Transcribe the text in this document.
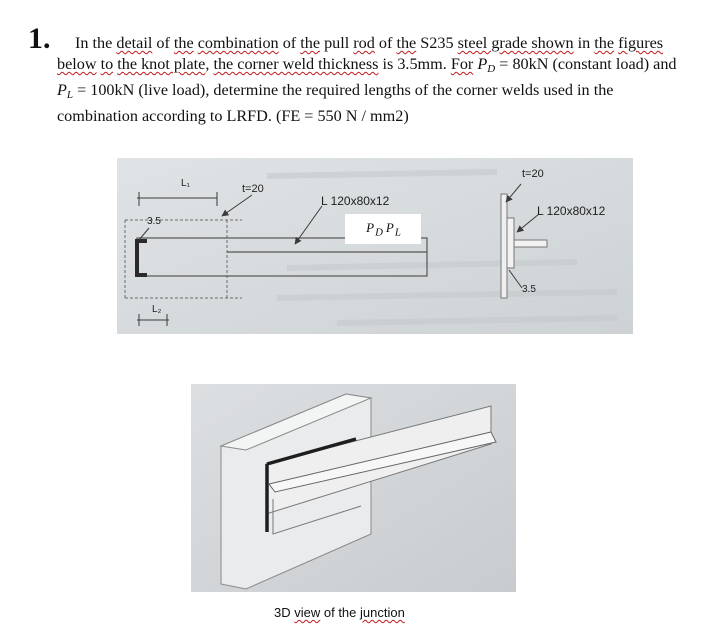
1.	In the detail of the combination of the pull rod of the S235 steel grade shown in the figures below to the knot plate, the corner weld thickness is 3.5mm. For $P_D = 80kN$ (constant load) and $P_L = 100kN$ (live load), determine the required lengths of the corner welds used in the combination according to LRFD. (FE = 550 N / mm2)
L₁
L₂
t=20
L 120x80x12
3.5	$P_D$ $P_L$
t=20
L 120x80x12
3.5
3D view of the junction
